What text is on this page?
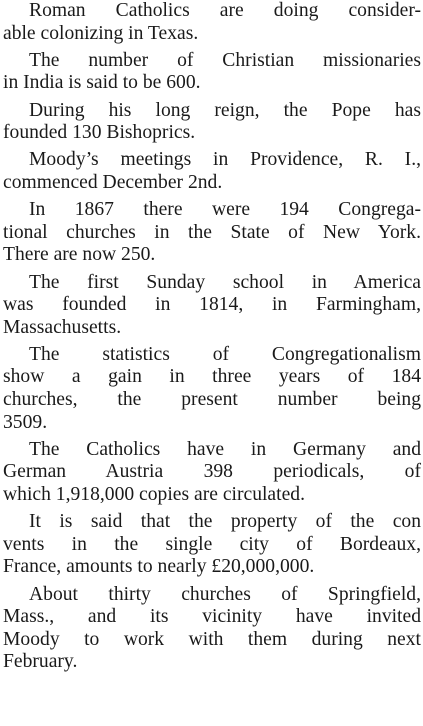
Roman Catholics are doing consider-
able colonizing in Texas.
The number of Christian missionaries
in India is said to be 600.
During his long reign, the Pope has
founded 130 Bishoprics.
Moody’s meetings in Providence, R. I.,
commenced December 2nd.
In 1867 there were 194 Congrega-
tional churches in the State of New York.
There are now 250.
The first Sunday school in America
was founded in 1814, in Farmingham,
Massachusetts.
The statistics of Congregationalism
show a gain in three years of 184
churches, the present number being
3509.
The Catholics have in Germany and
German Austria 398 periodicals, of
which 1,918,000 copies are circulated.
It is said that the property of the con
vents in the single city of Bordeaux,
France, amounts to nearly £20,000,000.
About thirty churches of Springfield,
Mass., and its vicinity have invited
Moody to work with them during next
February.
